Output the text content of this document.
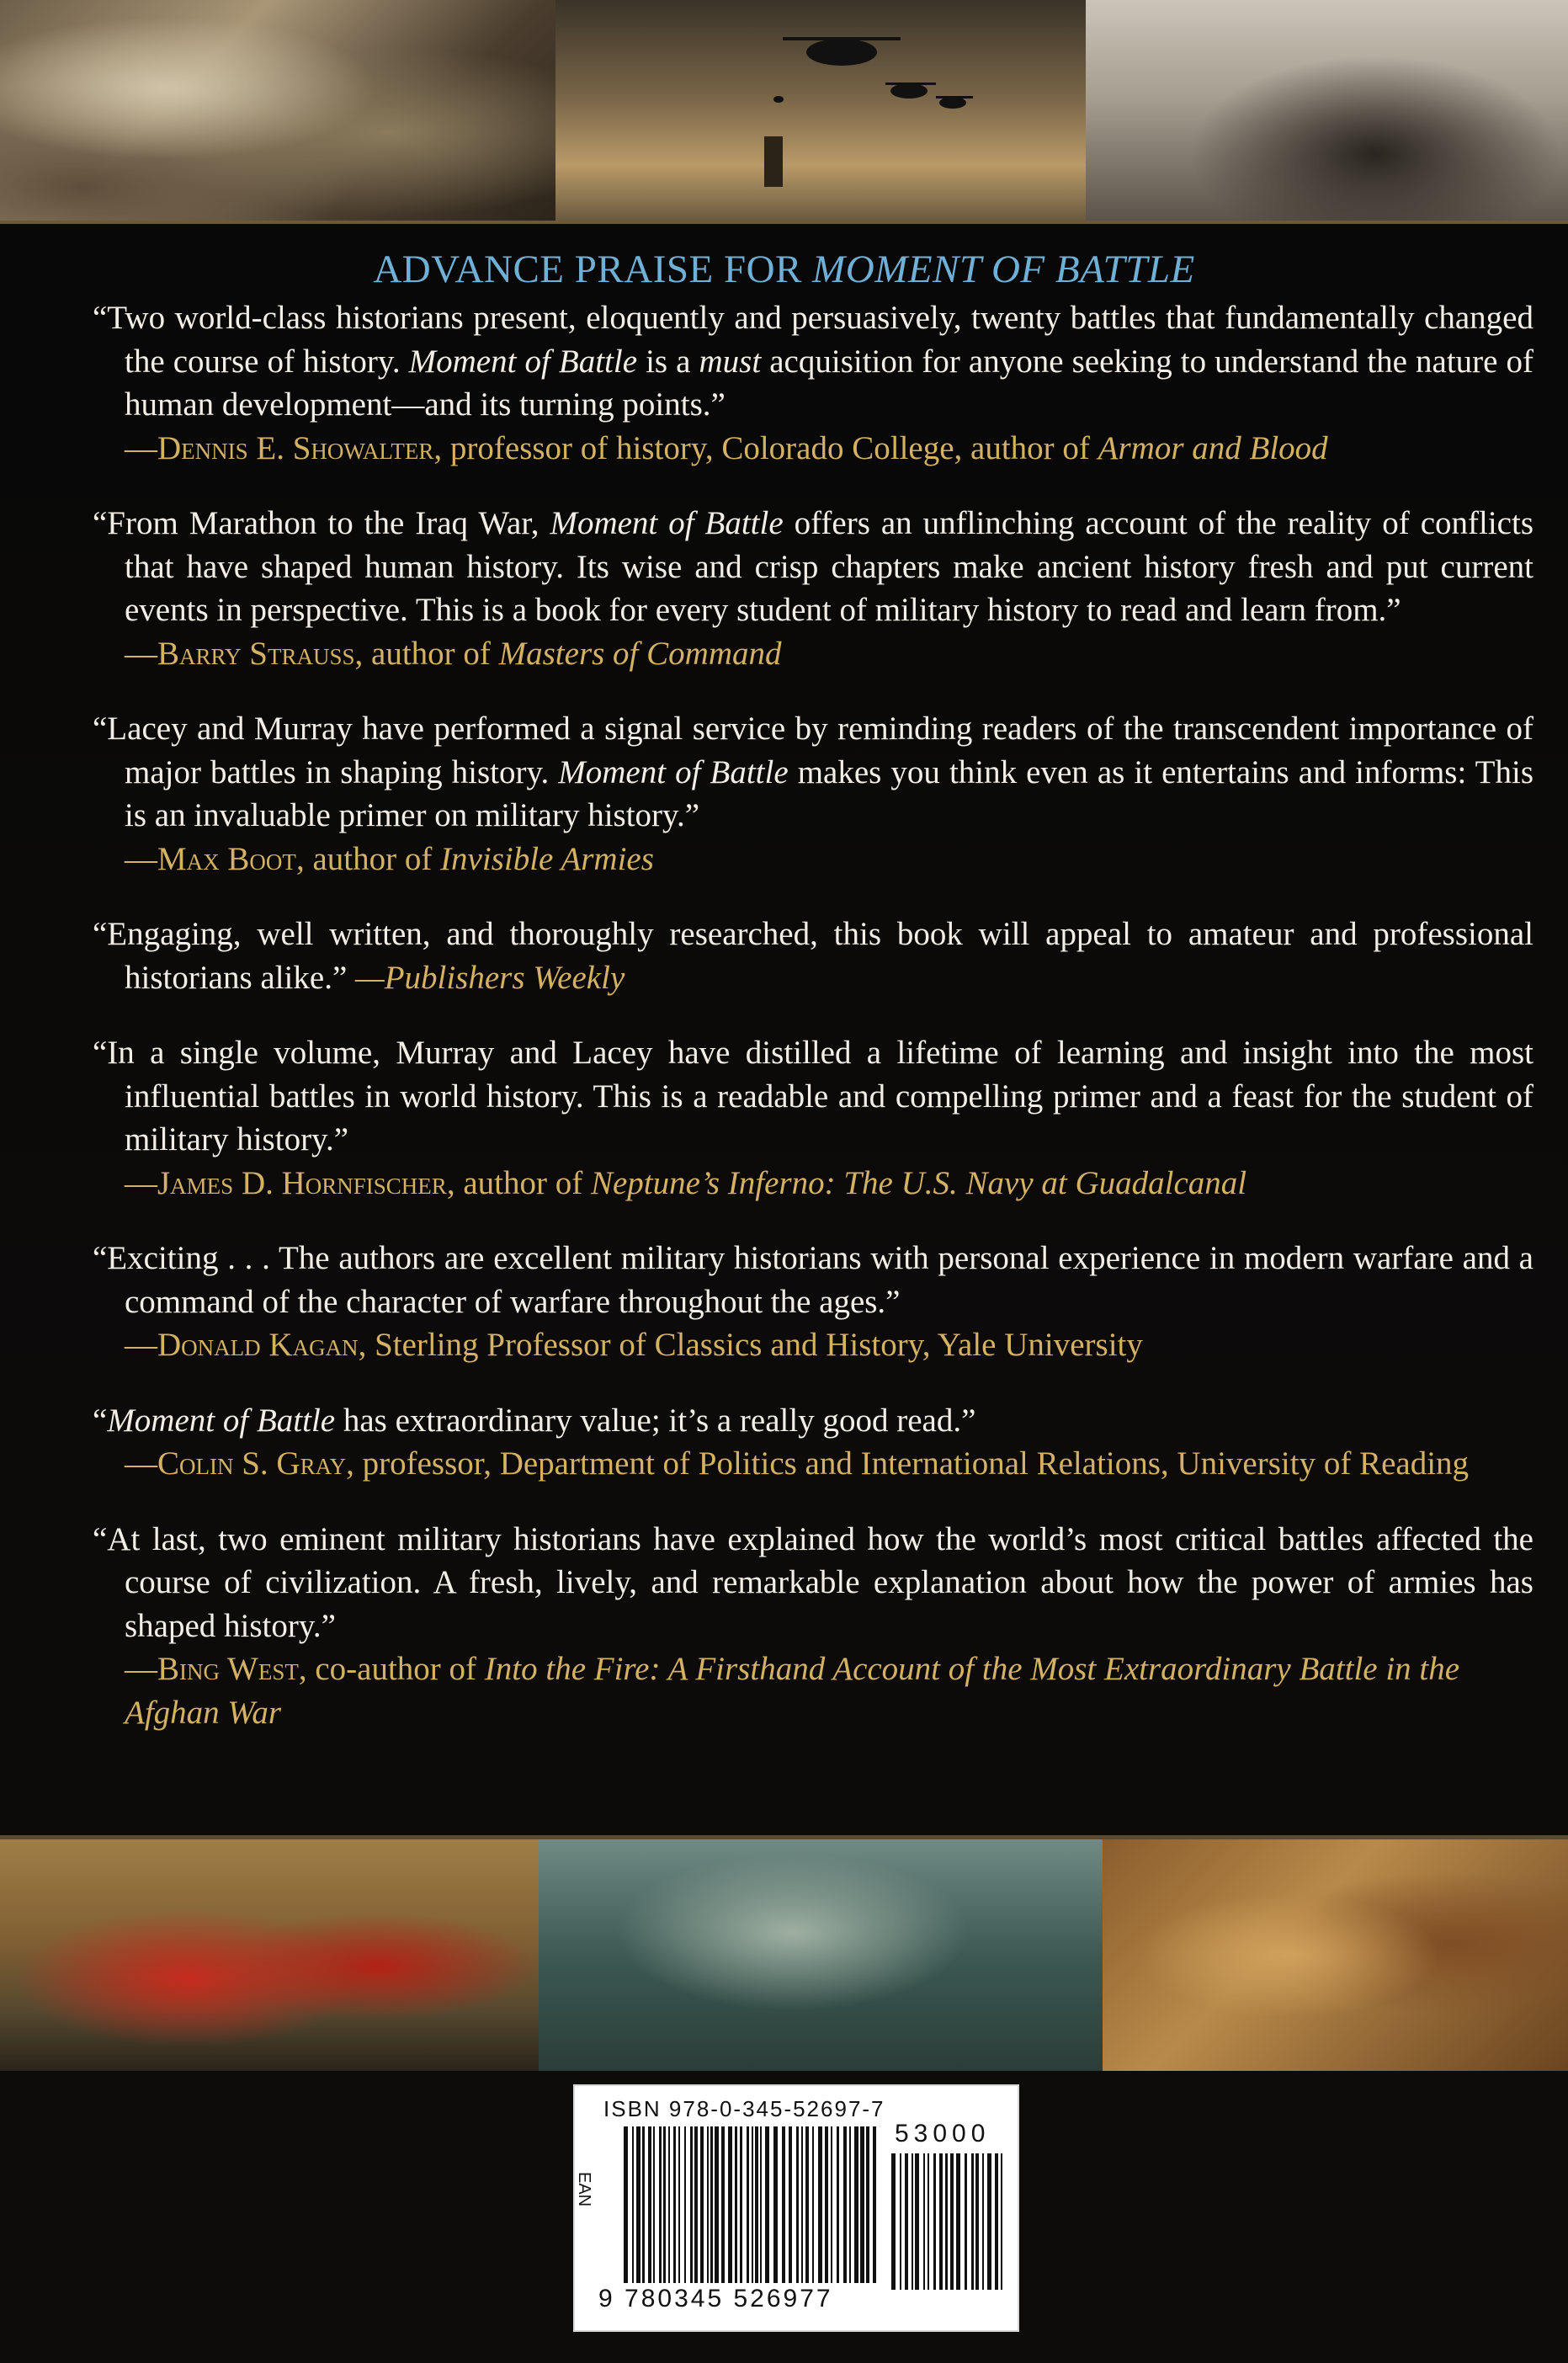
ADVANCE PRAISE FOR MOMENT OF BATTLE
“Two world-class historians present, eloquently and persuasively, twenty battles that fundamentally changed the course of history. Moment of Battle is a must acquisition for anyone seeking to understand the nature of human development—and its turning points.”
—Dennis E. Showalter, professor of history, Colorado College, author of Armor and Blood
“From Marathon to the Iraq War, Moment of Battle offers an unflinching account of the reality of conflicts that have shaped human history. Its wise and crisp chapters make ancient history fresh and put current events in perspective. This is a book for every student of military history to read and learn from.”
—Barry Strauss, author of Masters of Command
“Lacey and Murray have performed a signal service by reminding readers of the transcendent importance of major battles in shaping history. Moment of Battle makes you think even as it entertains and informs: This is an invaluable primer on military history.”
—Max Boot, author of Invisible Armies
“Engaging, well written, and thoroughly researched, this book will appeal to amateur and professional historians alike.” —Publishers Weekly
“In a single volume, Murray and Lacey have distilled a lifetime of learning and insight into the most influential battles in world history. This is a readable and compelling primer and a feast for the student of military history.”
—James D. Hornfischer, author of Neptune’s Inferno: The U.S. Navy at Guadalcanal
“Exciting . . . The authors are excellent military historians with personal experience in modern warfare and a command of the character of warfare throughout the ages.”
—Donald Kagan, Sterling Professor of Classics and History, Yale University
“Moment of Battle has extraordinary value; it’s a really good read.”
—Colin S. Gray, professor, Department of Politics and International Relations, University of Reading
“At last, two eminent military historians have explained how the world’s most critical battles affected the course of civilization. A fresh, lively, and remarkable explanation about how the power of armies has shaped history.”
—Bing West, co-author of Into the Fire: A Firsthand Account of the Most Extraordinary Battle in the Afghan War
ISBN 978-0-345-52697-7
EAN
53000
9 780345 526977
